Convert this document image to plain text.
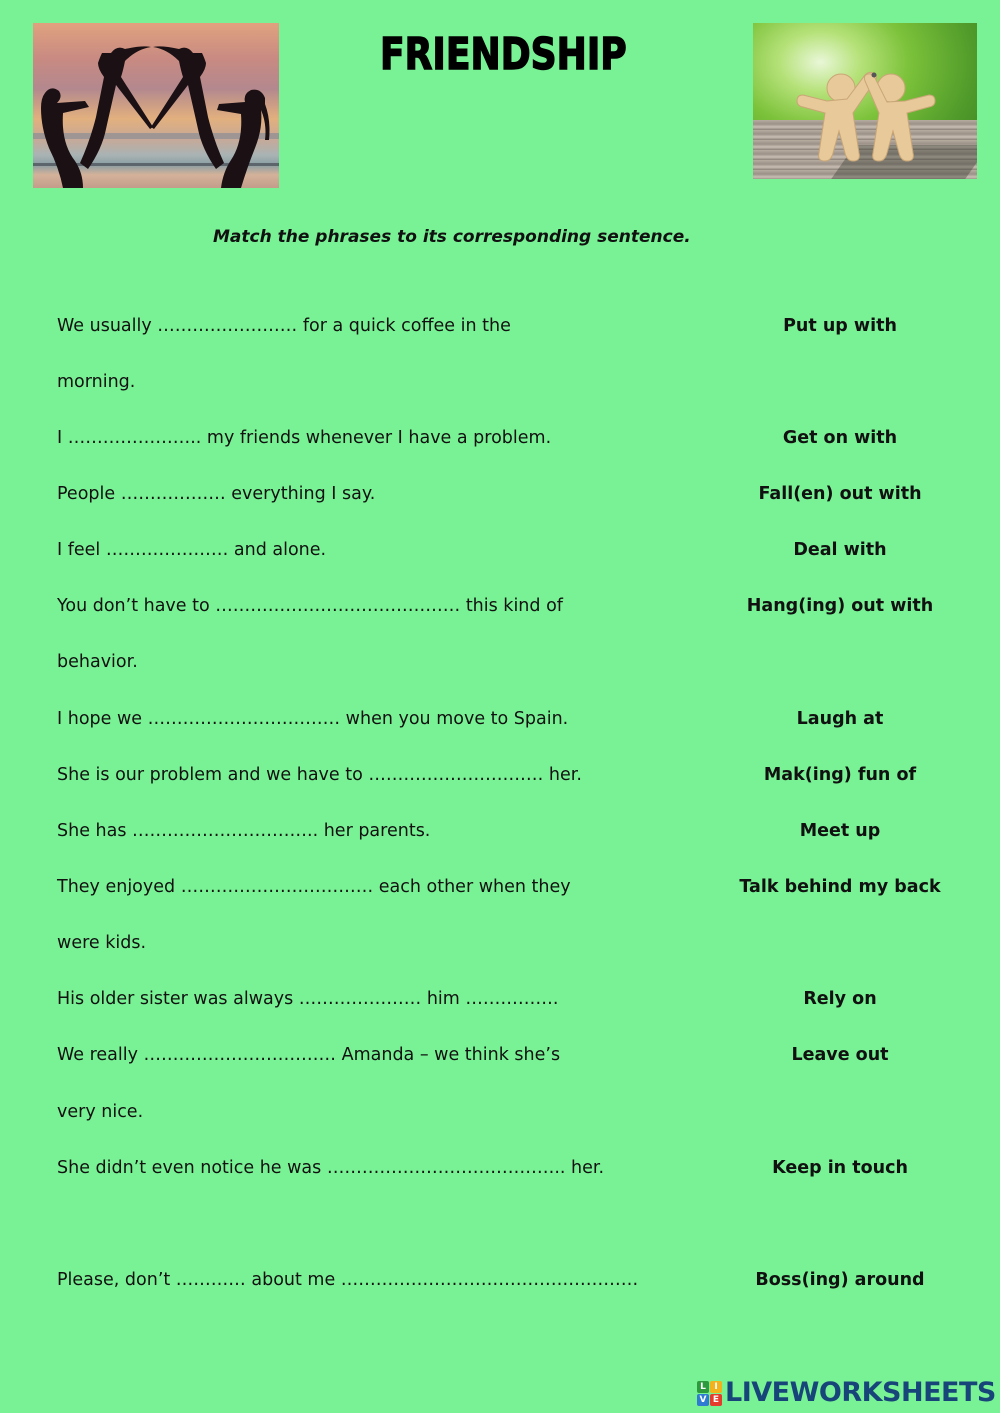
FRIENDSHIP
Match the phrases to its corresponding sentence.
We usually …………………… for a quick coffee in the
morning.
I ………………….. my friends whenever I have a problem.
People ……………… everything I say.
I feel ………………… and alone.
You don’t have to …………………………………… this kind of
behavior.
I hope we …………………………… when you move to Spain.
She is our problem and we have to ………………………… her.
She has ………………………….. her parents.
They enjoyed …………………………… each other when they
were kids.
His older sister was always ………………… him …………….
We really …………………………… Amanda – we think she’s
very nice.
She didn’t even notice he was ………………………………….. her.
Please, don’t ………… about me ……………………………………………
Put up with
Get on with
Fall(en) out with
Deal with
Hang(ing) out with
Laugh at
Mak(ing) fun of
Meet up
Talk behind my back
Rely on
Leave out
Keep in touch
Boss(ing) around
L I
V E LIVEWORKSHEETS
